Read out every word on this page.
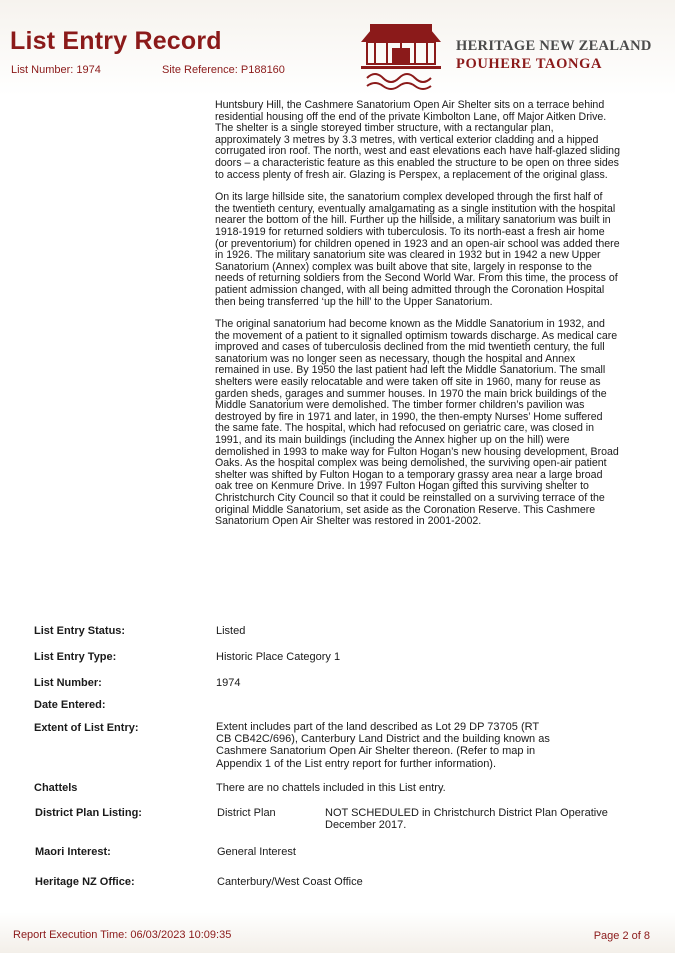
List Entry Record
List Number: 1974	Site Reference: P188160
HERITAGE NEW ZEALAND
POUHERE TAONGA

Huntsbury Hill, the Cashmere Sanatorium Open Air Shelter sits on a terrace behind residential housing off the end of the private Kimbolton Lane, off Major Aitken Drive. The shelter is a single storeyed timber structure, with a rectangular plan, approximately 3 metres by 3.3 metres, with vertical exterior cladding and a hipped corrugated iron roof. The north, west and east elevations each have half-glazed sliding doors – a characteristic feature as this enabled the structure to be open on three sides to access plenty of fresh air. Glazing is Perspex, a replacement of the original glass.

On its large hillside site, the sanatorium complex developed through the first half of the twentieth century, eventually amalgamating as a single institution with the hospital nearer the bottom of the hill. Further up the hillside, a military sanatorium was built in 1918-1919 for returned soldiers with tuberculosis. To its north-east a fresh air home (or preventorium) for children opened in 1923 and an open-air school was added there in 1926. The military sanatorium site was cleared in 1932 but in 1942 a new Upper Sanatorium (Annex) complex was built above that site, largely in response to the needs of returning soldiers from the Second World War. From this time, the process of patient admission changed, with all being admitted through the Coronation Hospital then being transferred ‘up the hill’ to the Upper Sanatorium.

The original sanatorium had become known as the Middle Sanatorium in 1932, and the movement of a patient to it signalled optimism towards discharge. As medical care improved and cases of tuberculosis declined from the mid twentieth century, the full sanatorium was no longer seen as necessary, though the hospital and Annex remained in use. By 1950 the last patient had left the Middle Sanatorium. The small shelters were easily relocatable and were taken off site in 1960, many for reuse as garden sheds, garages and summer houses. In 1970 the main brick buildings of the Middle Sanatorium were demolished. The timber former children’s pavilion was destroyed by fire in 1971 and later, in 1990, the then-empty Nurses’ Home suffered the same fate. The hospital, which had refocused on geriatric care, was closed in 1991, and its main buildings (including the Annex higher up on the hill) were demolished in 1993 to make way for Fulton Hogan’s new housing development, Broad Oaks. As the hospital complex was being demolished, the surviving open-air patient shelter was shifted by Fulton Hogan to a temporary grassy area near a large broad oak tree on Kenmure Drive. In 1997 Fulton Hogan gifted this surviving shelter to Christchurch City Council so that it could be reinstalled on a surviving terrace of the original Middle Sanatorium, set aside as the Coronation Reserve. This Cashmere Sanatorium Open Air Shelter was restored in 2001-2002.

List Entry Status:	Listed
List Entry Type:	Historic Place Category 1
List Number:	1974
Date Entered:
Extent of List Entry:	Extent includes part of the land described as Lot 29 DP 73705 (RT CB CB42C/696), Canterbury Land District and the building known as Cashmere Sanatorium Open Air Shelter thereon. (Refer to map in Appendix 1 of the List entry report for further information).
Chattels	There are no chattels included in this List entry.
District Plan Listing:	District Plan	NOT SCHEDULED in Christchurch District Plan Operative December 2017.
Maori Interest:	General Interest
Heritage NZ Office:	Canterbury/West Coast Office
Report Execution Time: 06/03/2023 10:09:35	Page 2 of 8
